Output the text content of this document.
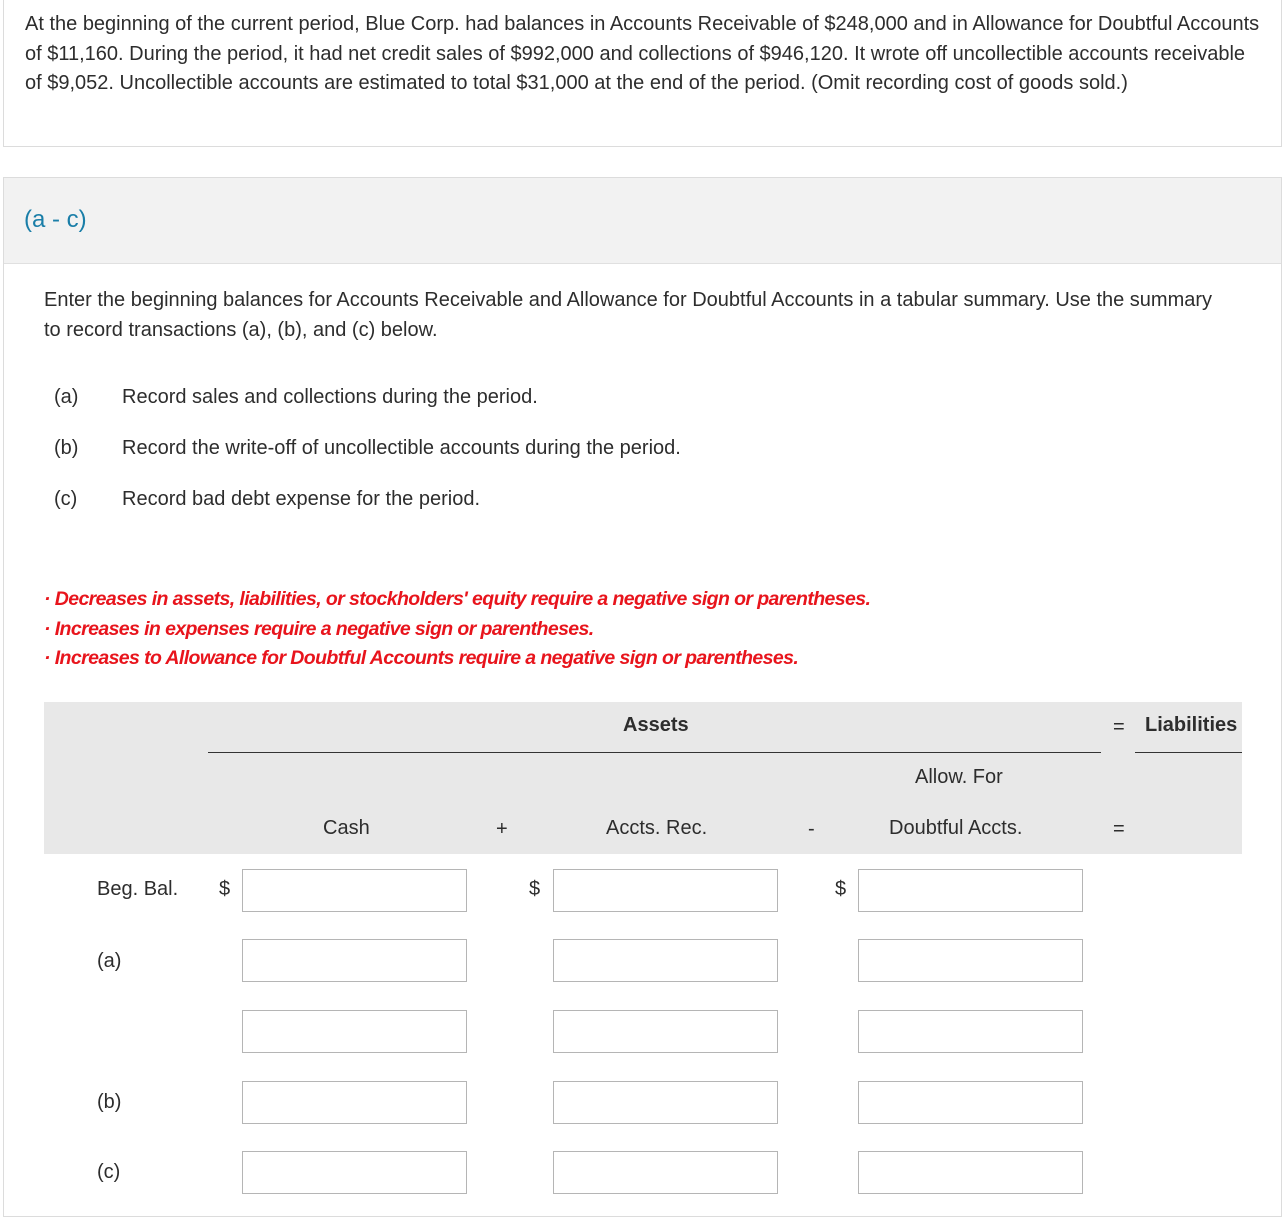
At the beginning of the current period, Blue Corp. had balances in Accounts Receivable of $248,000 and in Allowance for Doubtful Accounts of $11,160. During the period, it had net credit sales of $992,000 and collections of $946,120. It wrote off uncollectible accounts receivable of $9,052. Uncollectible accounts are estimated to total $31,000 at the end of the period. (Omit recording cost of goods sold.)
(a - c)
Enter the beginning balances for Accounts Receivable and Allowance for Doubtful Accounts in a tabular summary. Use the summary to record transactions (a), (b), and (c) below.
(a) Record sales and collections during the period.
(b) Record the write-off of uncollectible accounts during the period.
(c) Record bad debt expense for the period.
· Decreases in assets, liabilities, or stockholders' equity require a negative sign or parentheses.
· Increases in expenses require a negative sign or parentheses.
· Increases to Allowance for Doubtful Accounts require a negative sign or parentheses.
Assets	= Liabilities
Allow. For
Cash	+	Accts. Rec.	-	Doubtful Accts.	=
Beg. Bal. $	$	$
(a)
(b)
(c)
